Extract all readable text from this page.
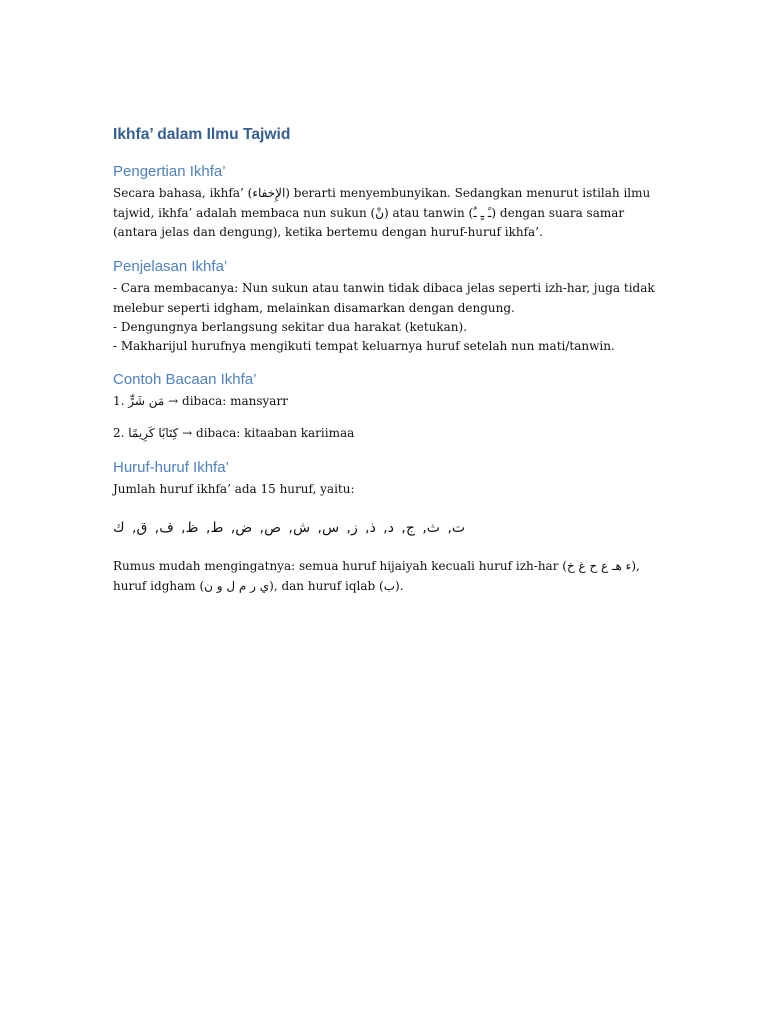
Ikhfa’ dalam Ilmu Tajwid
Pengertian Ikhfa’
Secara bahasa, ikhfa’ (الإِخفاء) berarti menyembunyikan. Sedangkan menurut istilah ilmu
tajwid, ikhfa’ adalah membaca nun sukun (نْ) atau tanwin (ـً ـٍ ـٌ) dengan suara samar
(antara jelas dan dengung), ketika bertemu dengan huruf-huruf ikhfa’.
Penjelasan Ikhfa’
- Cara membacanya: Nun sukun atau tanwin tidak dibaca jelas seperti izh-har, juga tidak
melebur seperti idgham, melainkan disamarkan dengan dengung.
- Dengungnya berlangsung sekitar dua harakat (ketukan).
- Makharijul hurufnya mengikuti tempat keluarnya huruf setelah nun mati/tanwin.
Contoh Bacaan Ikhfa’
1. مَن شَرٍّ → dibaca: mansyarr
2. كِتَابًا كَرِيمًا → dibaca: kitaaban kariimaa
Huruf-huruf Ikhfa’
Jumlah huruf ikhfa’ ada 15 huruf, yaitu:
ت, ث, ج, د, ذ, ز, س, ش, ص, ض, ط, ظ, ف, ق, ك
Rumus mudah mengingatnya: semua huruf hijaiyah kecuali huruf izh-har (ء هـ ع ح غ خ),
huruf idgham (ي ر م ل و ن), dan huruf iqlab (ب).
